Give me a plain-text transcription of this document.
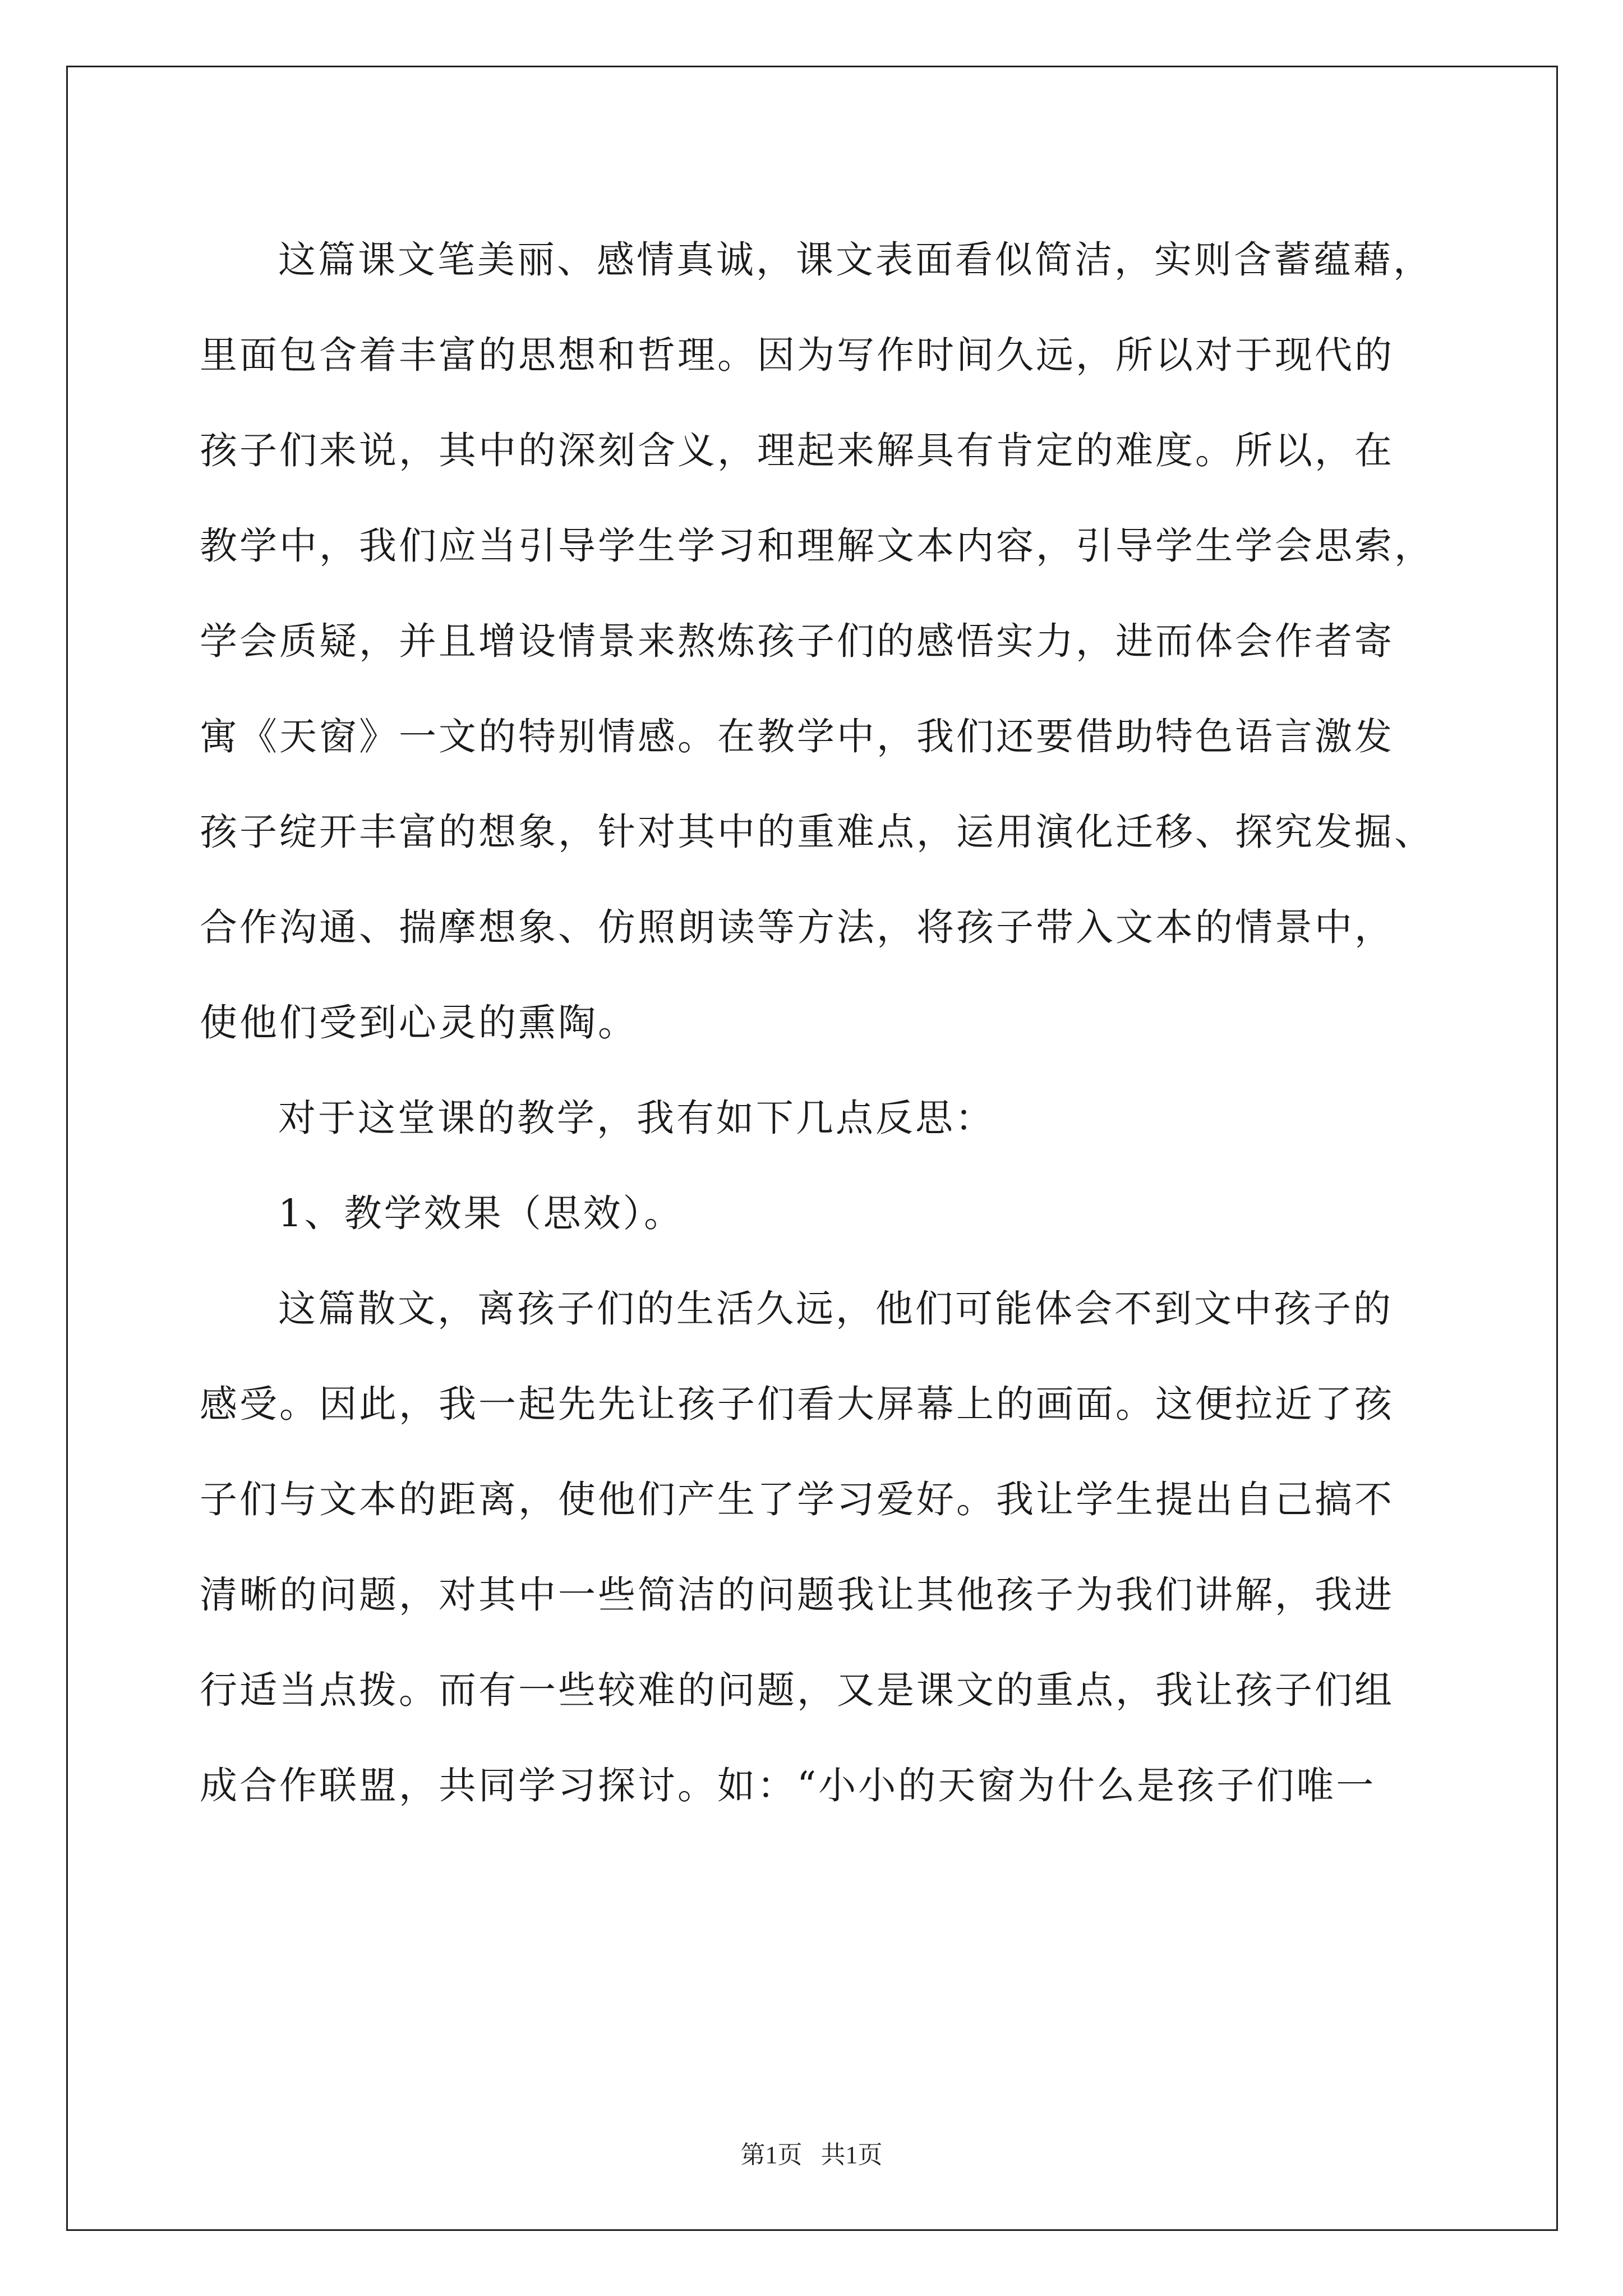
这篇课文笔美丽、感情真诚，课文表面看似简洁，实则含蓄蕴藉，
里面包含着丰富的思想和哲理。因为写作时间久远，所以对于现代的
孩子们来说，其中的深刻含义，理起来解具有肯定的难度。所以，在
教学中，我们应当引导学生学习和理解文本内容，引导学生学会思索，
学会质疑，并且增设情景来熬炼孩子们的感悟实力，进而体会作者寄
寓《天窗》一文的特别情感。在教学中，我们还要借助特色语言激发
孩子绽开丰富的想象，针对其中的重难点，运用演化迁移、探究发掘、
合作沟通、揣摩想象、仿照朗读等方法，将孩子带入文本的情景中，
使他们受到心灵的熏陶。
对于这堂课的教学，我有如下几点反思：
1、教学效果（思效）。
这篇散文，离孩子们的生活久远，他们可能体会不到文中孩子的
感受。因此，我一起先先让孩子们看大屏幕上的画面。这便拉近了孩
子们与文本的距离，使他们产生了学习爱好。我让学生提出自己搞不
清晰的问题，对其中一些简洁的问题我让其他孩子为我们讲解，我进
行适当点拨。而有一些较难的问题，又是课文的重点，我让孩子们组
成合作联盟，共同学习探讨。如：“小小的天窗为什么是孩子们唯一
第1页   共1页
